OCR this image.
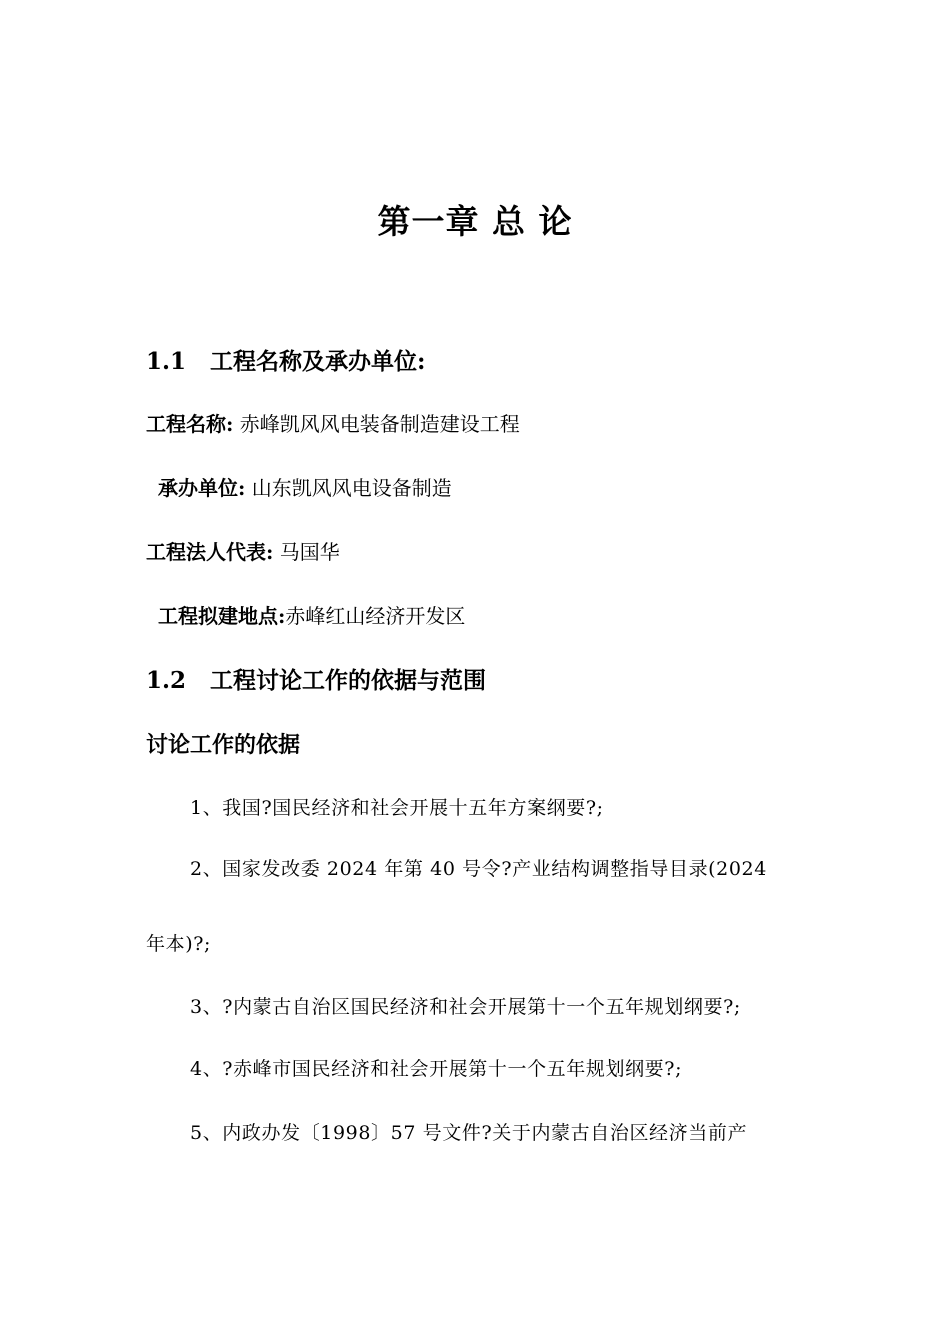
第一章 总 论
1.1 工程名称及承办单位:
工程名称: 赤峰凯风风电装备制造建设工程
承办单位: 山东凯风风电设备制造
工程法人代表: 马国华
工程拟建地点:赤峰红山经济开发区
1.2 工程讨论工作的依据与范围
讨论工作的依据
1、我国?国民经济和社会开展十五年方案纲要?;
2、国家发改委 2024 年第 40 号令?产业结构调整指导目录(2024
年本)?;
3、?内蒙古自治区国民经济和社会开展第十一个五年规划纲要?;
4、?赤峰市国民经济和社会开展第十一个五年规划纲要?;
5、内政办发〔1998〕57 号文件?关于内蒙古自治区经济当前产
